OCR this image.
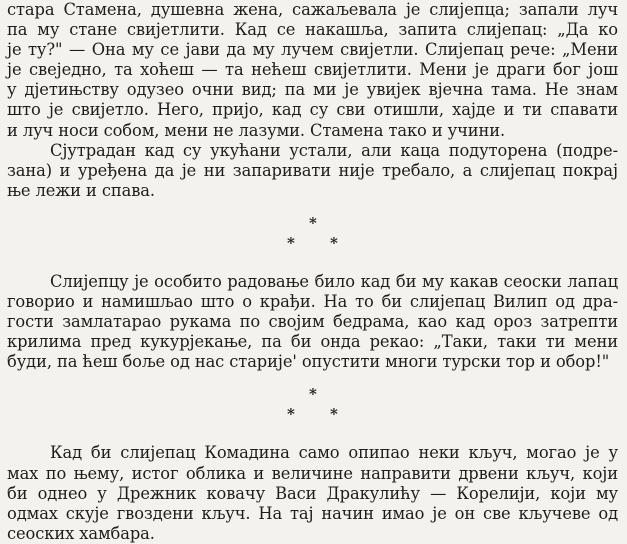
стара Стамена, душевна жена, сажаљевала је слијепца; запали луч
па му стане свијетлити. Кад се накашља, запита слијепац: „Да ко
је ту?" — Она му се јави да му лучем свијетли. Слијепац рече: „Мени
је свеједно, та хоћеш — та нећеш свијетлити. Мени је драги бог још
у дјетињству одузео очни вид; па ми је увијек вјечна тама. Не знам
што је свијетло. Него, пријо, кад су сви отишли, хајде и ти спавати
и луч носи собом, мени не лазуми. Стамена тако и учини.

Сјутрадан кад су укућани устали, али каца подуторена (подре-
зана) и уређена да је ни запаривати није требало, а слијепац покрај
ње лежи и спава.

*
* *

Слијепцу је особито радовање било кад би му какав сеоски лапац
говорио и намишљао што о крађи. На то би слијепац Вилип од дра-
гости замлатарао рукама по својим бедрама, као кад ороз затрепти
крилима пред кукурјекање, па би онда рекао: „Таки, таки ти мени
буди, па ћеш боље од нас старије' опустити многи турски тор и обор!"

*
* *

Кад би слијепац Комадина само опипао неки кључ, могао је у
мах по њему, истог облика и величине направити дрвени кључ, који
би однео у Дрежник ковачу Васи Дракулићу — Корелији, који му
одмах скује гвоздени кључ. На тај начин имао је он све кључеве од
сеоских хамбара.
